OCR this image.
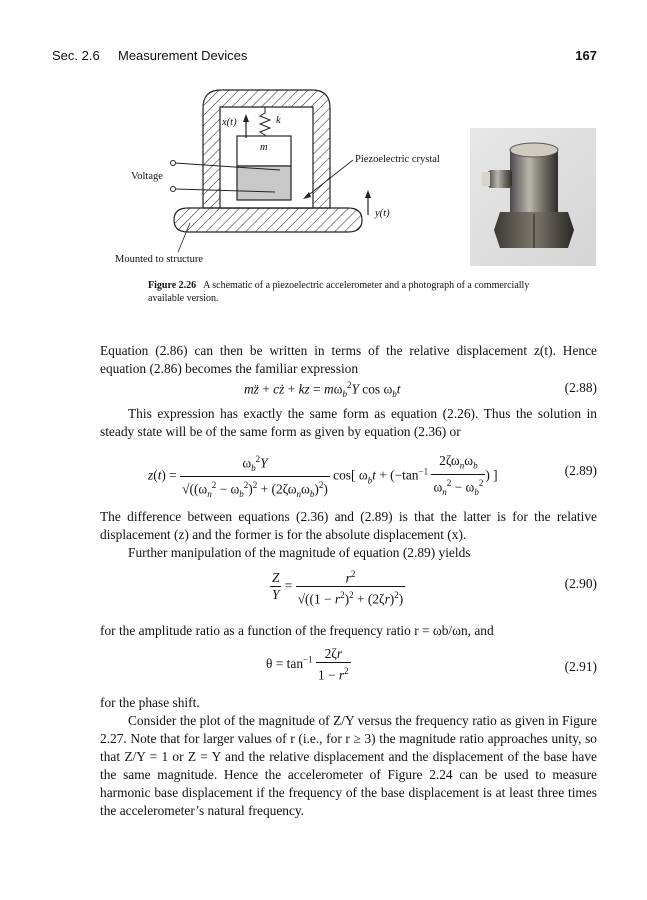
Sec. 2.6 Measurement Devices	167
x(t)	k
m
Voltage
Piezoelectric crystal
y(t)
Mounted to structure
Figure 2.26 A schematic of a piezoelectric accelerometer and a photograph of a commercially available version.
Equation (2.86) can then be written in terms of the relative displacement z(t). Hence equation (2.86) becomes the familiar expression
mz̈ + cż + kz = $m\omega_b^2Y$ $\cos \omega_bt$	(2.88)
This expression has exactly the same form as equation (2.26). Thus the solution in steady state will be of the same form as given by equation (2.36) or
$z(t) = \frac{\omega_b^2Y}{√((\omega_n^2 - \omega_b^2)^2 + (2\zeta\omega_n\omega_b)^2)} \cos$[ $\omega_bt + (-\tan^{-1} \frac{2\zeta\omega_n\omega_b}{\omega_n^2 - \omega_b^2}$ ) ]	(2.89)
The difference between equations (2.36) and (2.89) is that the latter is for the relative displacement (z) and the former is for the absolute displacement (x).
Further manipulation of the magnitude of equation (2.89) yields
$\frac{Z}{Y} = \frac{r^2}{√((1 - r^2)^2 + (2\zeta r)^2)}$	(2.90)
for the amplitude ratio as a function of the frequency ratio r = ωb/ωn, and
$\theta = \tan^{-1} \frac{2\zeta r}{1 - r^2}$	(2.91)
for the phase shift.
Consider the plot of the magnitude of Z/Y versus the frequency ratio as given in Figure 2.27. Note that for larger values of r (i.e., for r ≥ 3) the magnitude ratio approaches unity, so that Z/Y = 1 or Z = Y and the relative displacement and the displacement of the base have the same magnitude. Hence the accelerometer of Figure 2.24 can be used to measure harmonic base displacement if the frequency of the base displacement is at least three times the accelerometer’s natural frequency.
